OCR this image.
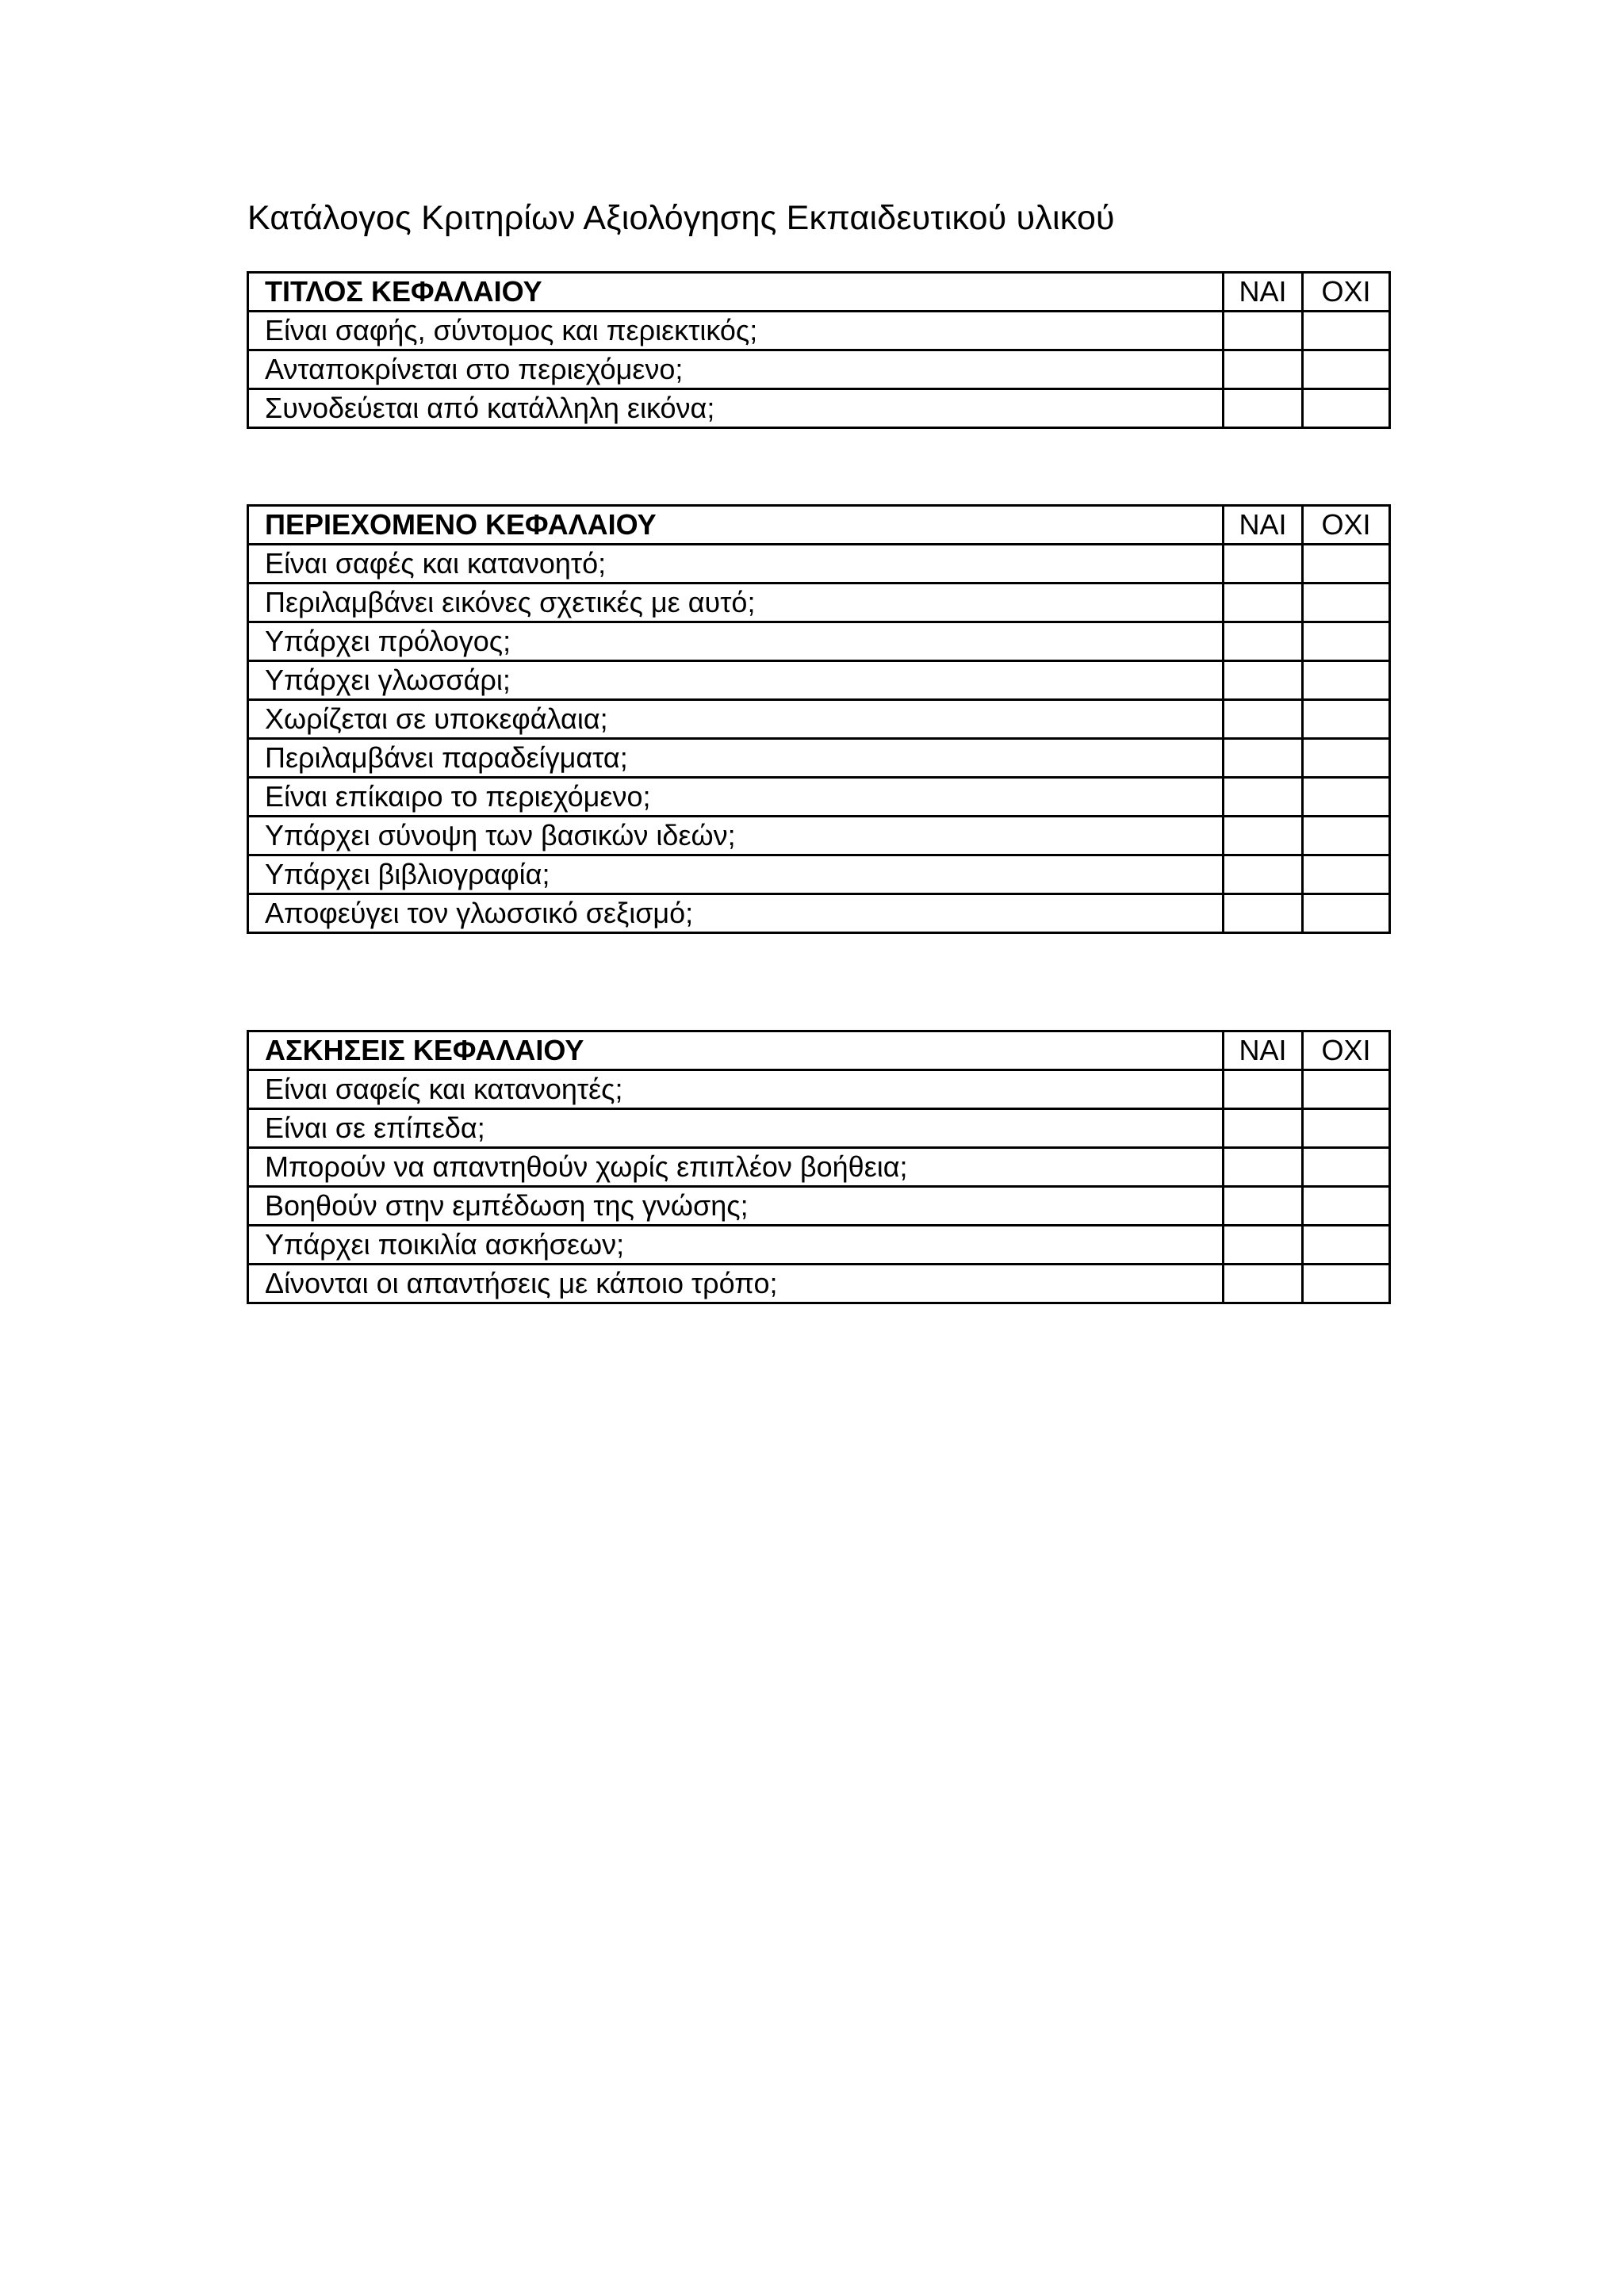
Κατάλογος Κριτηρίων Αξιολόγησης Εκπαιδευτικού υλικού
ΤΙΤΛΟΣ ΚΕΦΑΛΑΙΟΥ	ΝΑΙ	ΟΧΙ
Είναι σαφής, σύντομος και περιεκτικός;		
Ανταποκρίνεται στο περιεχόμενο;		
Συνοδεύεται από κατάλληλη εικόνα;		
ΠΕΡΙΕΧΟΜΕΝΟ ΚΕΦΑΛΑΙΟΥ	ΝΑΙ	ΟΧΙ
Είναι σαφές και κατανοητό;		
Περιλαμβάνει εικόνες σχετικές με αυτό;		
Υπάρχει πρόλογος;		
Υπάρχει γλωσσάρι;		
Χωρίζεται σε υποκεφάλαια;		
Περιλαμβάνει παραδείγματα;		
Είναι επίκαιρο το περιεχόμενο;		
Υπάρχει σύνοψη των βασικών ιδεών;		
Υπάρχει βιβλιογραφία;		
Αποφεύγει τον γλωσσικό σεξισμό;		
ΑΣΚΗΣΕΙΣ ΚΕΦΑΛΑΙΟΥ	ΝΑΙ	ΟΧΙ
Είναι σαφείς και κατανοητές;		
Είναι σε επίπεδα;		
Μπορούν να απαντηθούν χωρίς επιπλέον βοήθεια;		
Βοηθούν στην εμπέδωση της γνώσης;		
Υπάρχει ποικιλία ασκήσεων;		
Δίνονται οι απαντήσεις με κάποιο τρόπο;		
